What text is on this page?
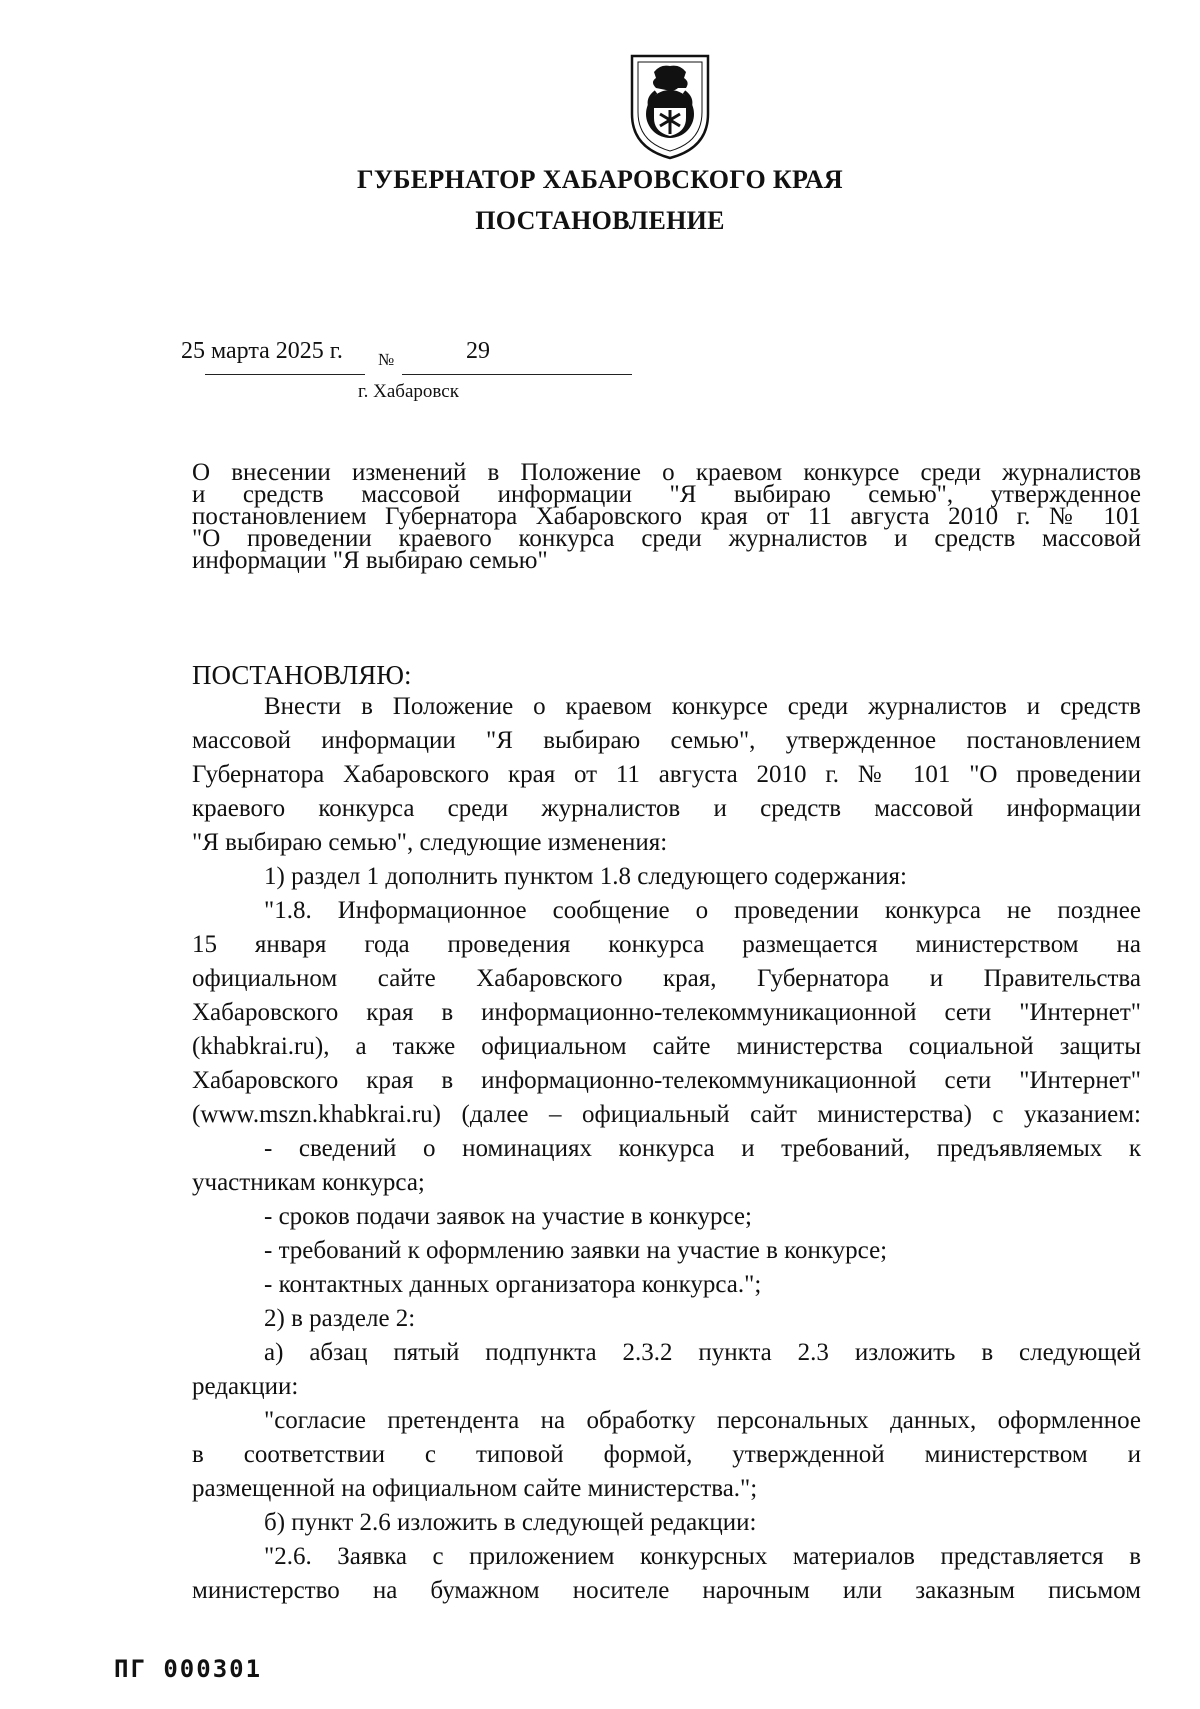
ГУБЕРНАТОР ХАБАРОВСКОГО КРАЯ
ПОСТАНОВЛЕНИЕ
25 марта 2025 г. №	29
г. Хабаровск
О внесении изменений в Положение о краевом конкурсе среди журналистов
и средств массовой информации "Я выбираю семью", утвержденное
постановлением Губернатора Хабаровского края от 11 августа 2010 г. № 101
"О проведении краевого конкурса среди журналистов и средств массовой
информации "Я выбираю семью"
ПОСТАНОВЛЯЮ:
Внести в Положение о краевом конкурсе среди журналистов и средств
массовой информации "Я выбираю семью", утвержденное постановлением
Губернатора Хабаровского края от 11 августа 2010 г. № 101 "О проведении
краевого конкурса среди журналистов и средств массовой информации
"Я выбираю семью", следующие изменения:
1) раздел 1 дополнить пунктом 1.8 следующего содержания:
"1.8. Информационное сообщение о проведении конкурса не позднее
15 января года проведения конкурса размещается министерством на
официальном сайте Хабаровского края, Губернатора и Правительства
Хабаровского края в информационно-телекоммуникационной сети "Интернет"
(khabkrai.ru), а также официальном сайте министерства социальной защиты
Хабаровского края в информационно-телекоммуникационной сети "Интернет"
(www.mszn.khabkrai.ru) (далее – официальный сайт министерства) с указанием:
- сведений о номинациях конкурса и требований, предъявляемых к
участникам конкурса;
- сроков подачи заявок на участие в конкурсе;
- требований к оформлению заявки на участие в конкурсе;
- контактных данных организатора конкурса.";
2) в разделе 2:
а) абзац пятый подпункта 2.3.2 пункта 2.3 изложить в следующей
редакции:
"согласие претендента на обработку персональных данных, оформленное
в соответствии с типовой формой, утвержденной министерством и
размещенной на официальном сайте министерства.";
б) пункт 2.6 изложить в следующей редакции:
"2.6. Заявка с приложением конкурсных материалов представляется в
министерство на бумажном носителе нарочным или заказным письмом
ПГ 000301
